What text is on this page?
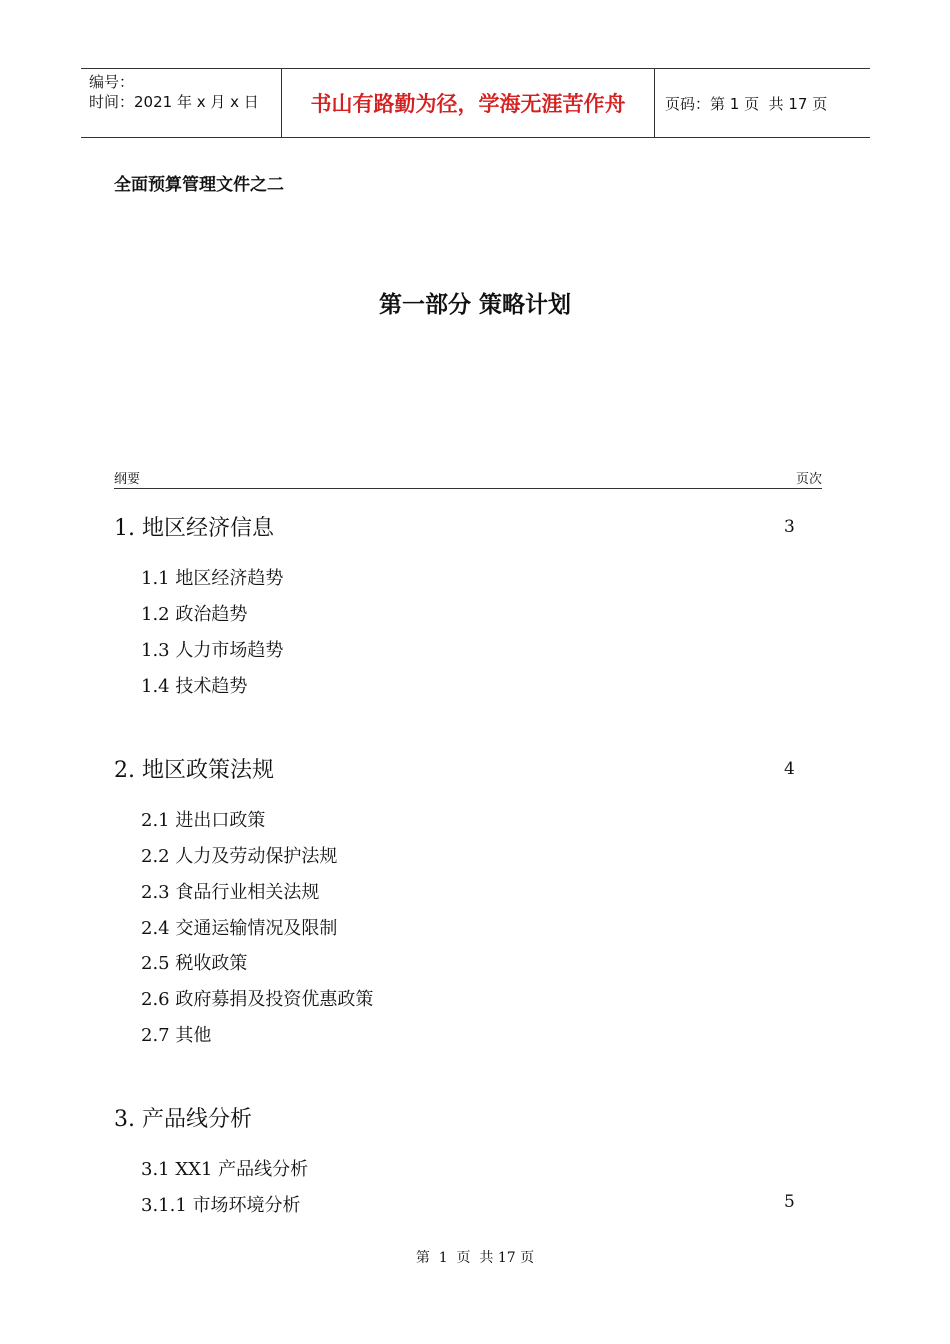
编号：
时间：2021 年 x 月 x 日	书山有路勤为径，学海无涯苦作舟	页码：第 1 页  共 17 页
全面预算管理文件之二
第一部分 策略计划
纲要	页次
1. 地区经济信息	3
1.1 地区经济趋势
1.2 政治趋势
1.3 人力市场趋势
1.4 技术趋势
2. 地区政策法规	4
2.1 进出口政策
2.2 人力及劳动保护法规
2.3 食品行业相关法规
2.4 交通运输情况及限制
2.5 税收政策
2.6 政府募捐及投资优惠政策
2.7 其他
3. 产品线分析
3.1 XX1 产品线分析
3.1.1 市场环境分析	5
第  1  页  共 17 页
